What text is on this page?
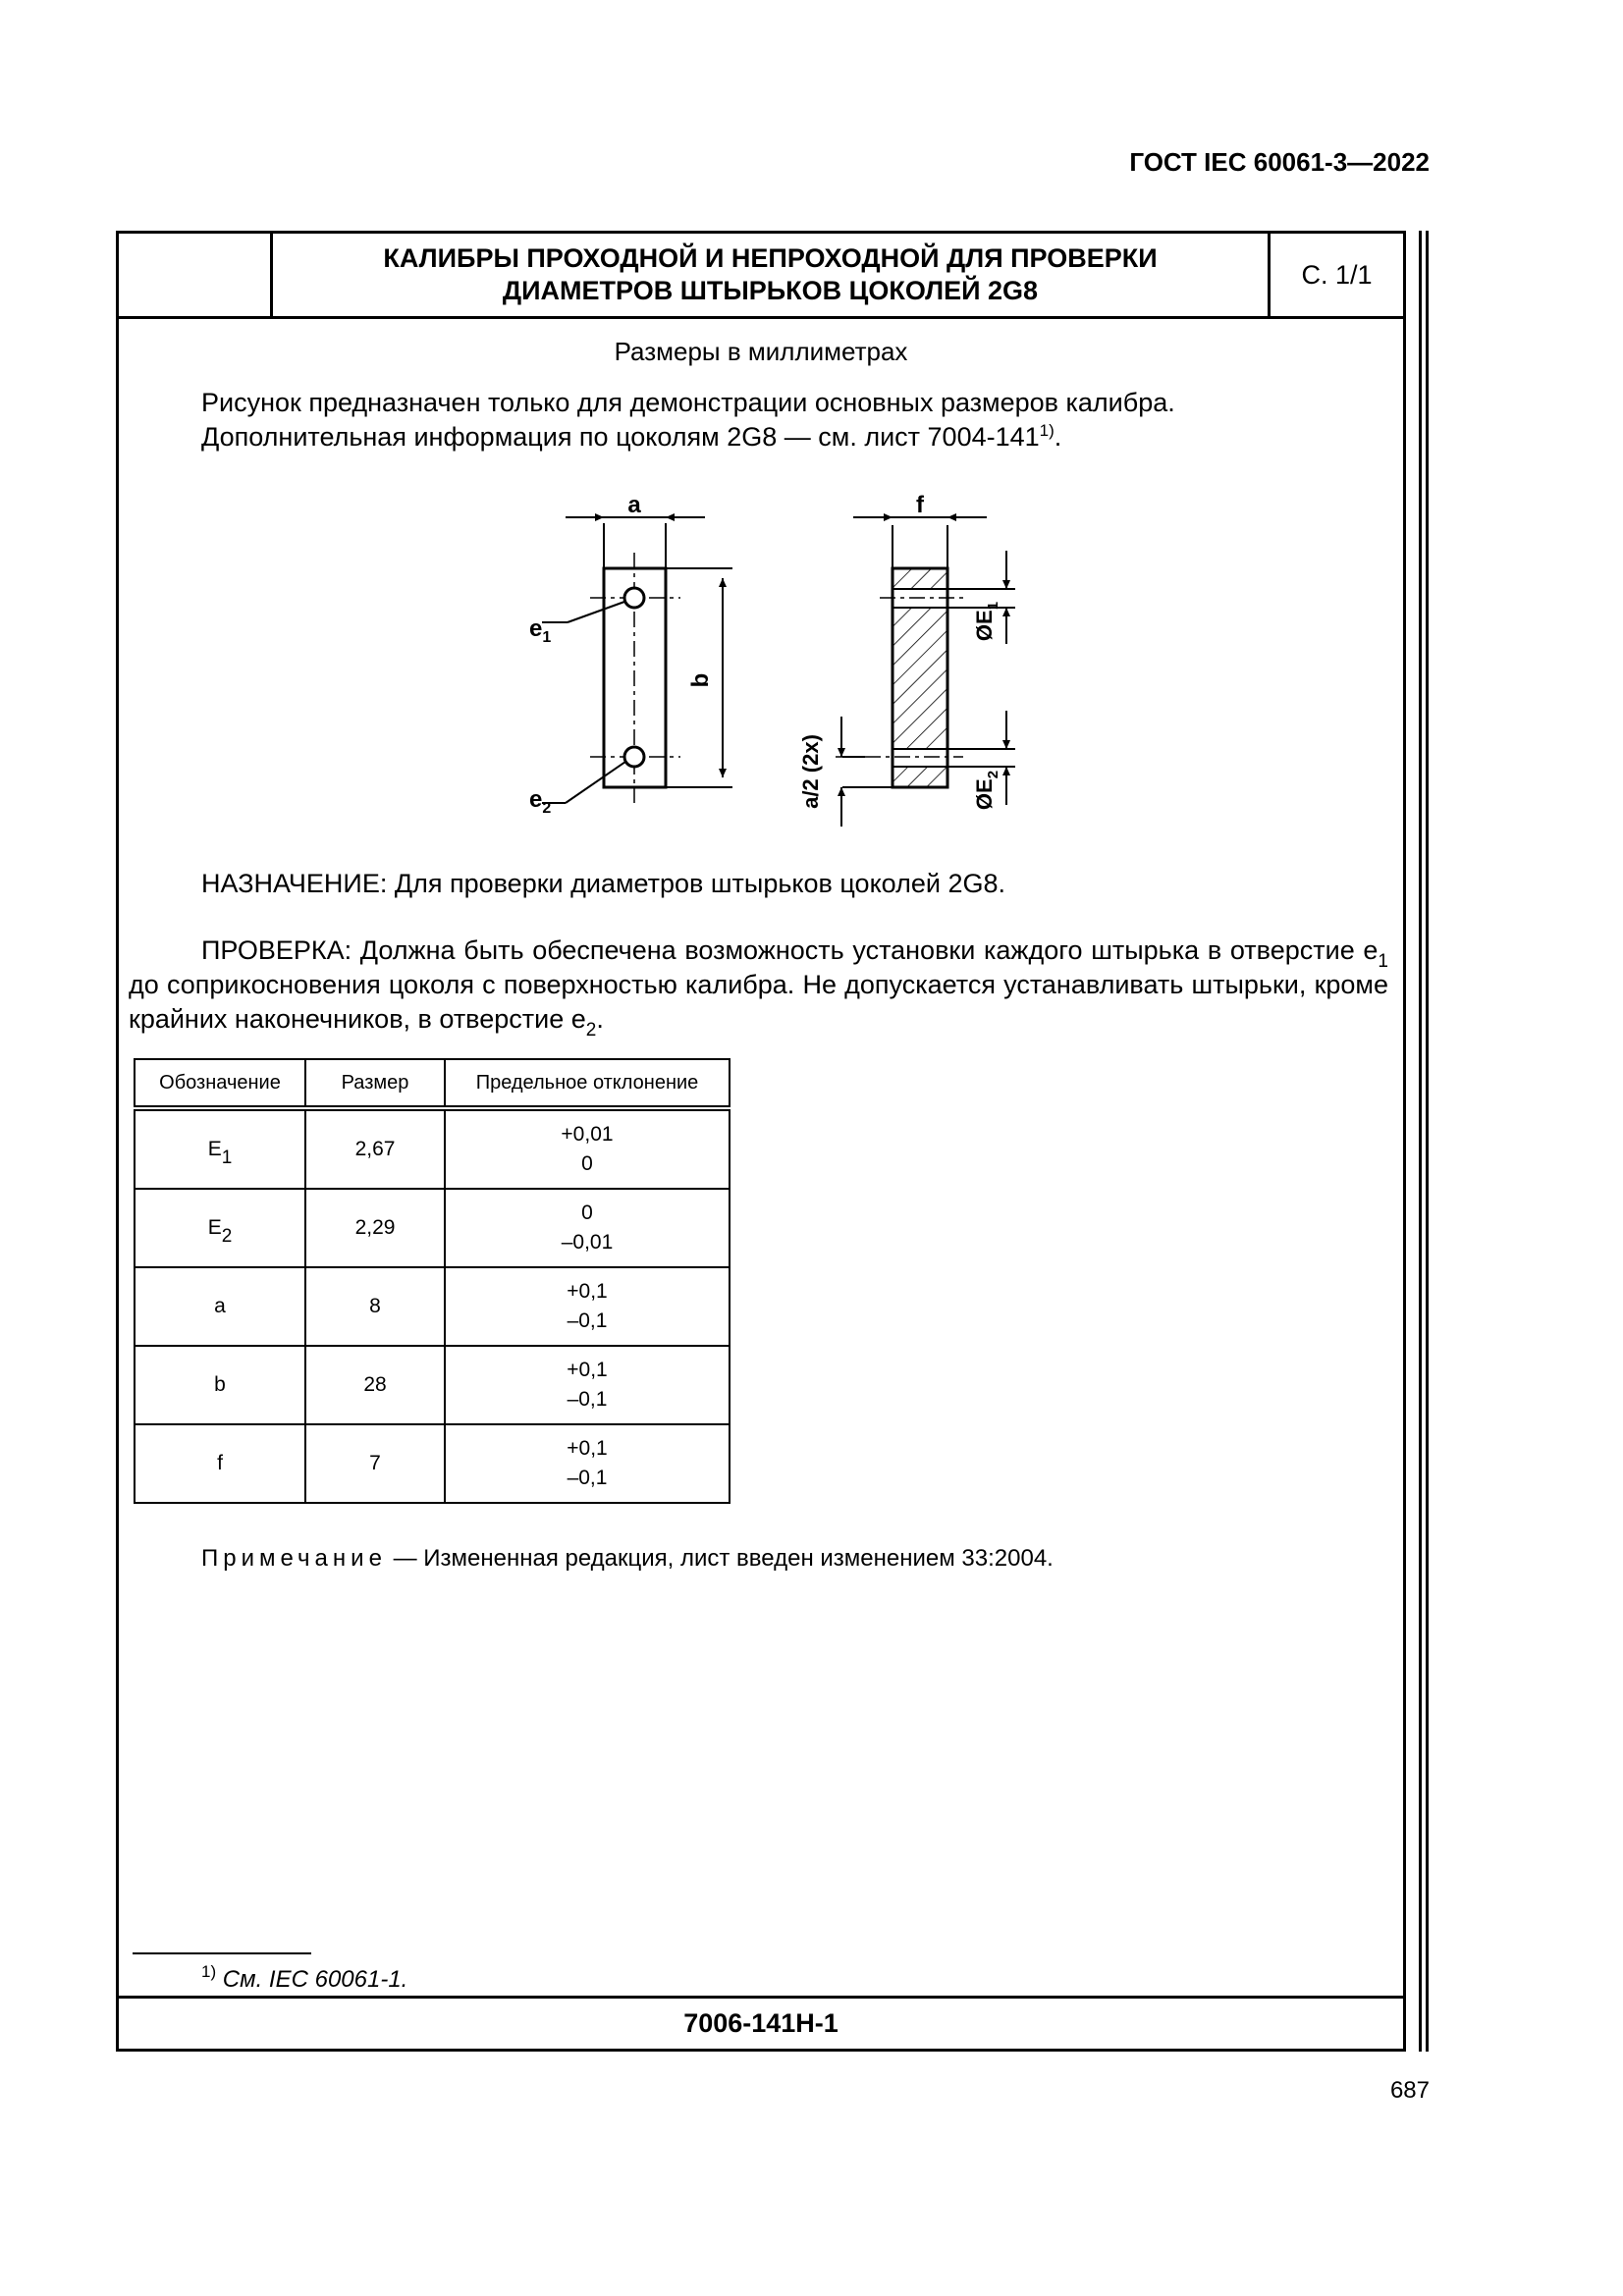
ГОСТ IEC 60061-3—2022
КАЛИБРЫ ПРОХОДНОЙ И НЕПРОХОДНОЙ ДЛЯ ПРОВЕРКИ
ДИАМЕТРОВ ШТЫРЬКОВ ЦОКОЛЕЙ 2G8
С. 1/1
Размеры в миллиметрах

Рисунок предназначен только для демонстрации основных размеров калибра.

Дополнительная информация по цоколям 2G8 — см. лист 7004-141$^{1)}$.

a
b
$e_1$
$e_2$
f
$ØE_1$
$ØE_2$
a/2 (2x)

НАЗНАЧЕНИЕ: Для проверки диаметров штырьков цоколей 2G8.

ПРОВЕРКА: Должна быть обеспечена возможность установки каждого штырька в отверстие $e_1$ до соприкосновения цоколя с поверхностью калибра. Не допускается устанавливать штырьки, кроме крайних наконечников, в отверстие $e_2$.

Обозначение	Размер	Предельное отклонение
$E_1$	2,67	+0,01
0

$E_2$	2,29	0
–0,01

a	8	+0,1
–0,1

b	28	+0,1
–0,1

f	7	+0,1
–0,1

Примечание — Измененная редакция, лист введен изменением 33:2004.

$^{1)}$ См. IEC 60061-1.

7006-141Н-1

687
